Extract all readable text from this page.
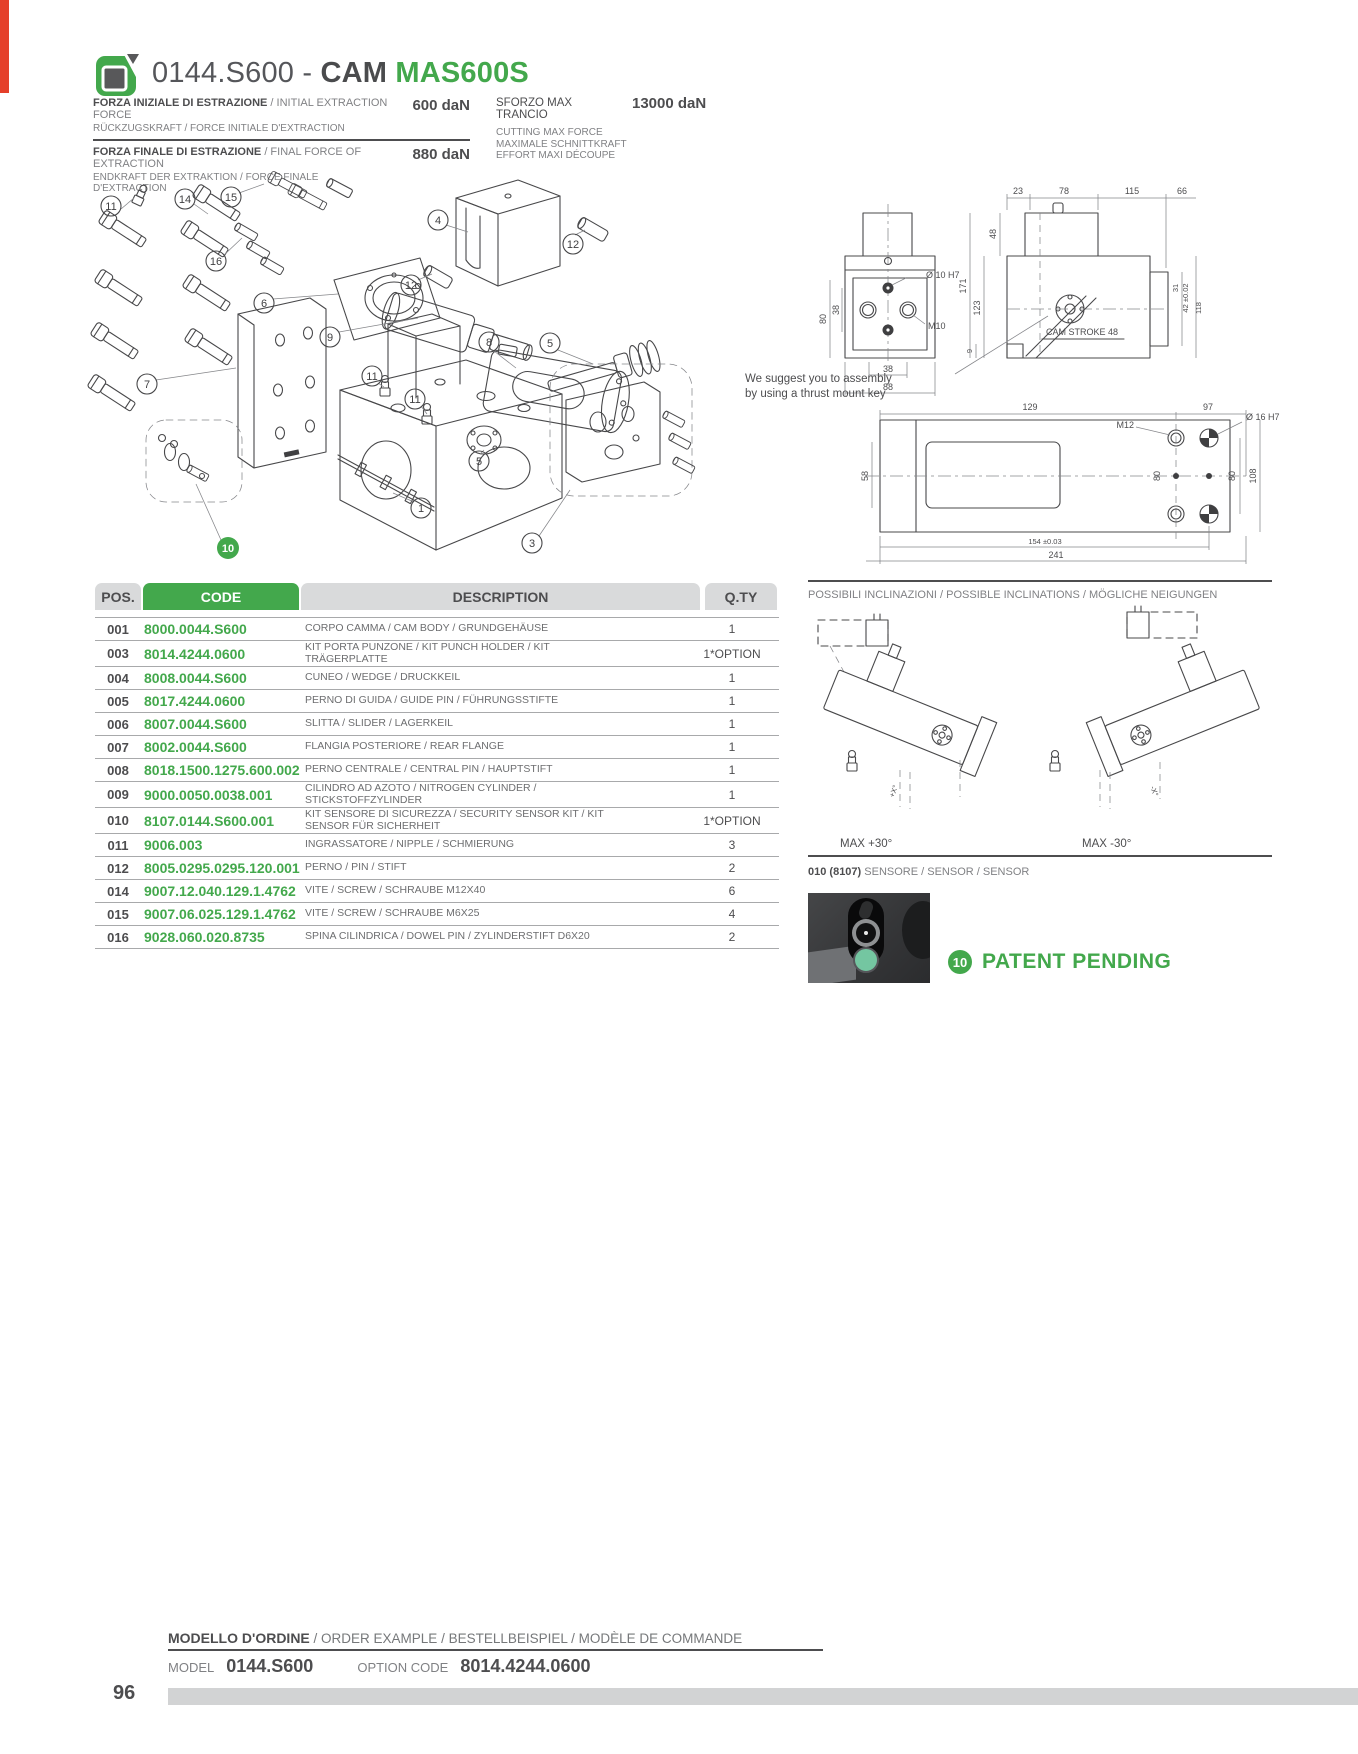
0144.S600 - CAM MAS600S
FORZA INIZIALE DI ESTRAZIONE / INITIAL EXTRACTION FORCE
RÜCKZUGSKRAFT / FORCE INITIALE D'EXTRACTION
600 daN
FORZA FINALE DI ESTRAZIONE / FINAL FORCE OF EXTRACTION
ENDKRAFT DER EXTRAKTION / FORCE FINALE D'EXTRACTION
880 daN
SFORZO MAX TRANCIO
13000 daN
CUTTING MAX FORCE
MAXIMALE SCHNITTKRAFT
EFFORT MAXI DÉCOUPE
11
14	15
16
6
7
9
4
12
12
8	5
11
11
5
1
3
10
80
38
Ø 10 H7
M10
38
88
23	78	115	66
48
171
123
9
31 42 ±0.02 118
CAM STROKE 48
129	97
M12
Ø 16 H7
58	80	80 108
154 ±0.03
241
We suggest you to assembly
by using a thrust mount key
POS.	CODE	DESCRIPTION	Q.TY
001	8000.0044.S600	CORPO CAMMA / CAM BODY / GRUNDGEHÄUSE	1
003	8014.4244.0600	KIT PORTA PUNZONE / KIT PUNCH HOLDER / KIT TRÄGERPLATTE	1*OPTION
004	8008.0044.S600	CUNEO / WEDGE / DRUCKKEIL	1
005	8017.4244.0600	PERNO DI GUIDA / GUIDE PIN / FÜHRUNGSSTIFTE	1
006	8007.0044.S600	SLITTA / SLIDER / LAGERKEIL	1
007	8002.0044.S600	FLANGIA POSTERIORE / REAR FLANGE	1
008	8018.1500.1275.600.002 PERNO CENTRALE / CENTRAL PIN / HAUPTSTIFT	1
009	9000.0050.0038.001	CILINDRO AD AZOTO / NITROGEN CYLINDER / STICKSTOFFZYLINDER	1
010	8107.0144.S600.001	KIT SENSORE DI SICUREZZA / SECURITY SENSOR KIT / KIT SENSOR FÜR SICHERHEIT	1*OPTION
011	9006.003	INGRASSATORE / NIPPLE / SCHMIERUNG	3
012	8005.0295.0295.120.001 PERNO / PIN / STIFT	2
014	9007.12.040.129.1.4762 VITE / SCREW / SCHRAUBE M12X40	6
015	9007.06.025.129.1.4762 VITE / SCREW / SCHRAUBE M6X25	4
016	9028.060.020.8735	SPINA CILINDRICA / DOWEL PIN / ZYLINDERSTIFT D6X20	2
POSSIBILI INCLINAZIONI / POSSIBLE INCLINATIONS / MÖGLICHE NEIGUNGEN
+X°	-X°
MAX +30°	MAX -30°
010 (8107) SENSORE / SENSOR / SENSOR
10 PATENT PENDING
MODELLO D'ORDINE / ORDER EXAMPLE / BESTELLBEISPIEL / MODÈLE DE COMMANDE
MODEL 0144.S600	OPTION CODE 8014.4244.0600
96
